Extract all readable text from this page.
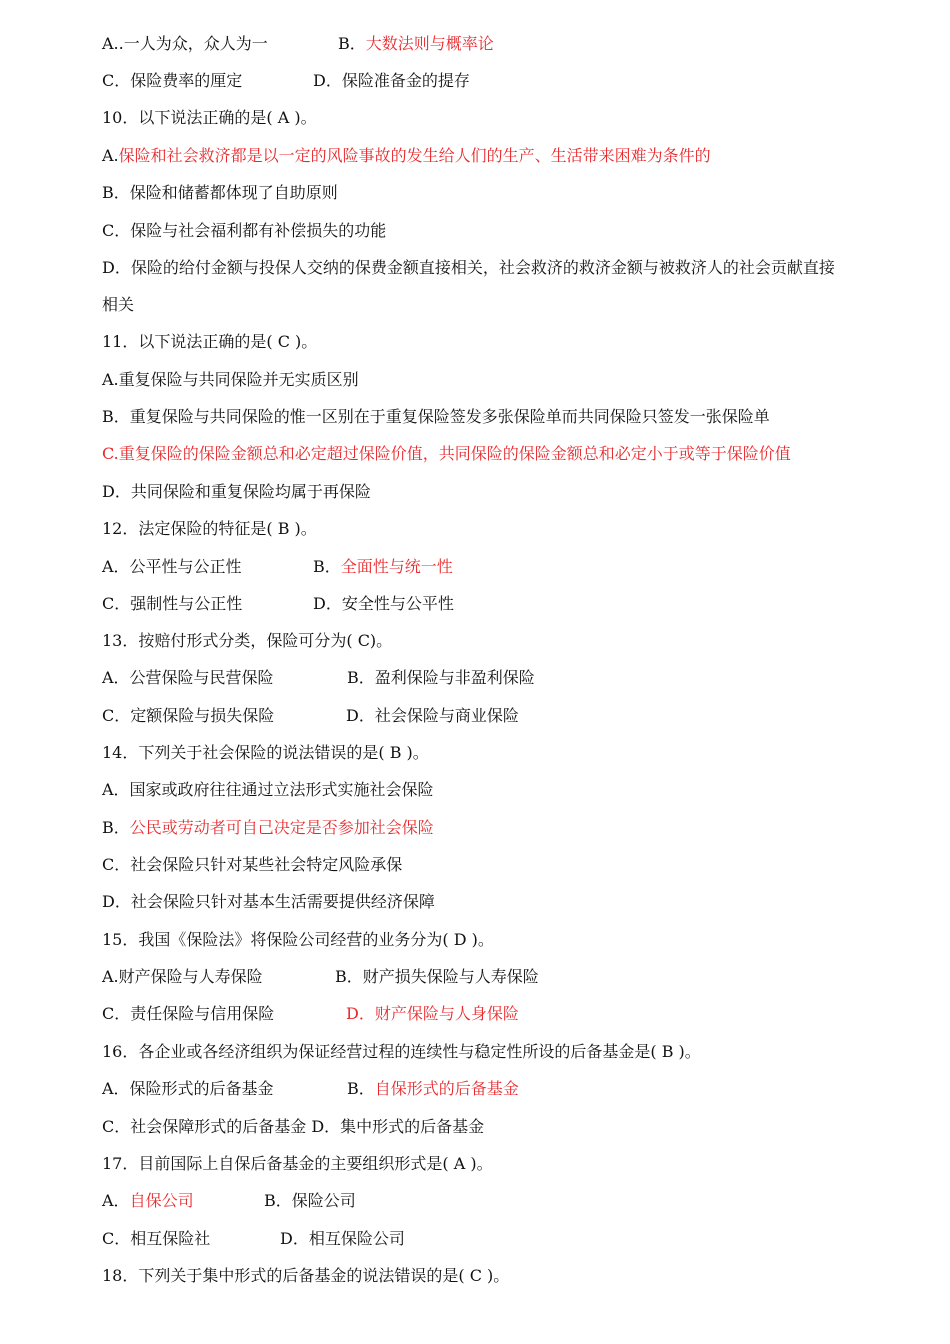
A..一人为众，众人为一	B．大数法则与概率论
C．保险费率的厘定	D．保险准备金的提存
10．以下说法正确的是( A )。
A.保险和社会救济都是以一定的风险事故的发生给人们的生产、生活带来困难为条件的
B．保险和储蓄都体现了自助原则
C．保险与社会福利都有补偿损失的功能
D．保险的给付金额与投保人交纳的保费金额直接相关，社会救济的救济金额与被救济人的社会贡献直接
相关
11．以下说法正确的是( C )。
A.重复保险与共同保险并无实质区别
B．重复保险与共同保险的惟一区别在于重复保险签发多张保险单而共同保险只签发一张保险单
C.重复保险的保险金额总和必定超过保险价值，共同保险的保险金额总和必定小于或等于保险价值
D．共同保险和重复保险均属于再保险
12．法定保险的特征是( B )。
A．公平性与公正性	B．全面性与统一性
C．强制性与公正性	D．安全性与公平性
13．按赔付形式分类，保险可分为( C)。
A．公营保险与民营保险	B．盈利保险与非盈利保险
C．定额保险与损失保险	D．社会保险与商业保险
14．下列关于社会保险的说法错误的是( B )。
A．国家或政府往往通过立法形式实施社会保险
B．公民或劳动者可自己决定是否参加社会保险
C．社会保险只针对某些社会特定风险承保
D．社会保险只针对基本生活需要提供经济保障
15．我国《保险法》将保险公司经营的业务分为( D )。
A.财产保险与人寿保险	B．财产损失保险与人寿保险
C．责任保险与信用保险	D．财产保险与人身保险
16．各企业或各经济组织为保证经营过程的连续性与稳定性所设的后备基金是( B )。
A．保险形式的后备基金	B．自保形式的后备基金
C．社会保障形式的后备基金 D．集中形式的后备基金
17．目前国际上自保后备基金的主要组织形式是( A )。
A．自保公司	B．保险公司
C．相互保险社	D．相互保险公司
18．下列关于集中形式的后备基金的说法错误的是( C )。
